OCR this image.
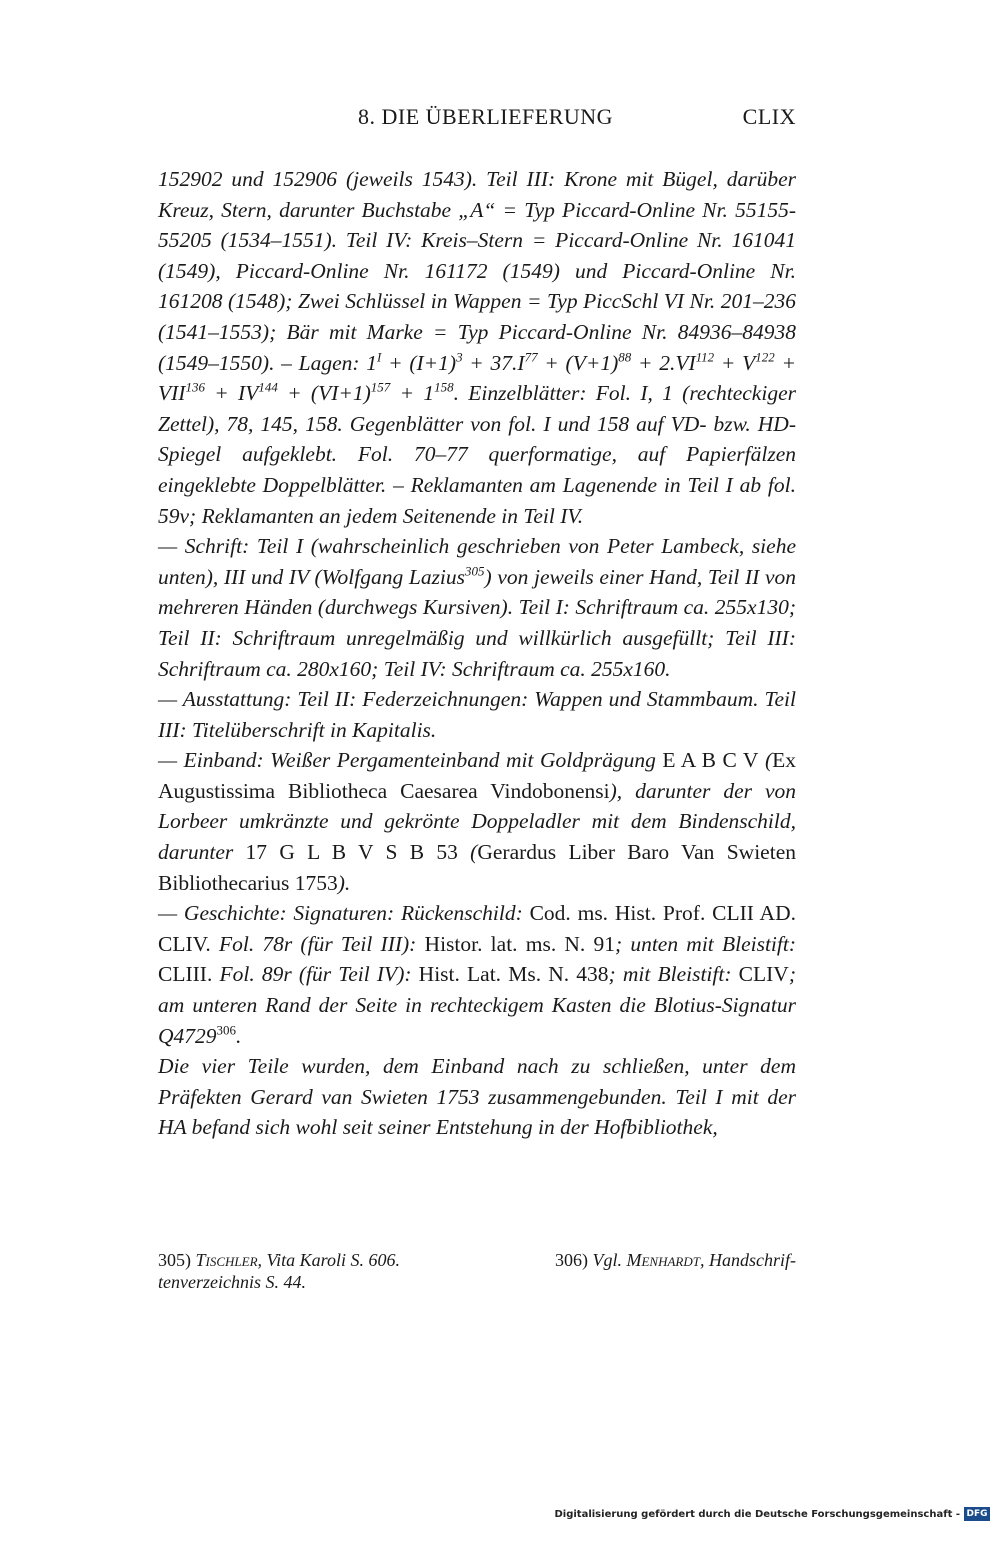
8. DIE ÜBERLIEFERUNG	CLIX

152902 und 152906 (jeweils 1543). Teil III: Krone mit Bügel, darüber Kreuz, Stern, darunter Buchstabe „A“ = Typ Piccard-Online Nr. 55155-55205 (1534–1551). Teil IV: Kreis–Stern = Piccard-Online Nr. 161041 (1549), Piccard-Online Nr. 161172 (1549) und Piccard-Online Nr. 161208 (1548); Zwei Schlüssel in Wappen = Typ PiccSchl VI Nr. 201–236 (1541–1553); Bär mit Marke = Typ Piccard-Online Nr. 84936–84938 (1549–1550). – Lagen: $1^I + (I+1)^3 + 37.I^{77} + (V+1)^{88} + 2.VI^{112} + V^{122} + VII^{136} + IV^{144} + (VI+1)^{157} + 1^{158}$. Einzelblätter: Fol. I, 1 (rechteckiger Zettel), 78, 145, 158. Gegenblätter von fol. I und 158 auf VD- bzw. HD-Spiegel aufgeklebt. Fol. 70–77 querformatige, auf Papierfälzen eingeklebte Doppelblätter. – Reklamanten am Lagenende in Teil I ab fol. 59v; Reklamanten an jedem Seitenende in Teil IV.

— Schrift: Teil I (wahrscheinlich geschrieben von Peter Lambeck, siehe unten), III und IV (Wolfgang Lazius$^{305}$) von jeweils einer Hand, Teil II von mehreren Händen (durchwegs Kursiven). Teil I: Schriftraum ca. 255x130; Teil II: Schriftraum unregelmäßig und willkürlich ausgefüllt; Teil III: Schriftraum ca. 280x160; Teil IV: Schriftraum ca. 255x160.

— Ausstattung: Teil II: Federzeichnungen: Wappen und Stammbaum. Teil III: Titelüberschrift in Kapitalis.

— Einband: Weißer Pergamenteinband mit Goldprägung E A B C V (Ex Augustissima Bibliotheca Caesarea Vindobonensi), darunter der von Lorbeer umkränzte und gekrönte Doppeladler mit dem Bindenschild, darunter 17 G L B V S B 53 (Gerardus Liber Baro Van Swieten Bibliothecarius 1753).

— Geschichte: Signaturen: Rückenschild: Cod. ms. Hist. Prof. CLII AD. CLIV. Fol. 78r (für Teil III): Histor. lat. ms. N. 91; unten mit Bleistift: CLIII. Fol. 89r (für Teil IV): Hist. Lat. Ms. N. 438; mit Bleistift: CLIV; am unteren Rand der Seite in rechteckigem Kasten die Blotius-Signatur Q4729$^{306}$.

Die vier Teile wurden, dem Einband nach zu schließen, unter dem Präfekten Gerard van Swieten 1753 zusammengebunden. Teil I mit der HA befand sich wohl seit seiner Entstehung in der Hofbibliothek,

305) Tischler, Vita Karoli S. 606.	306) Vgl. Menhardt, Handschrif-
tenverzeichnis S. 44.
Digitalisierung gefördert durch die Deutsche Forschungsgemeinschaft - DFG
